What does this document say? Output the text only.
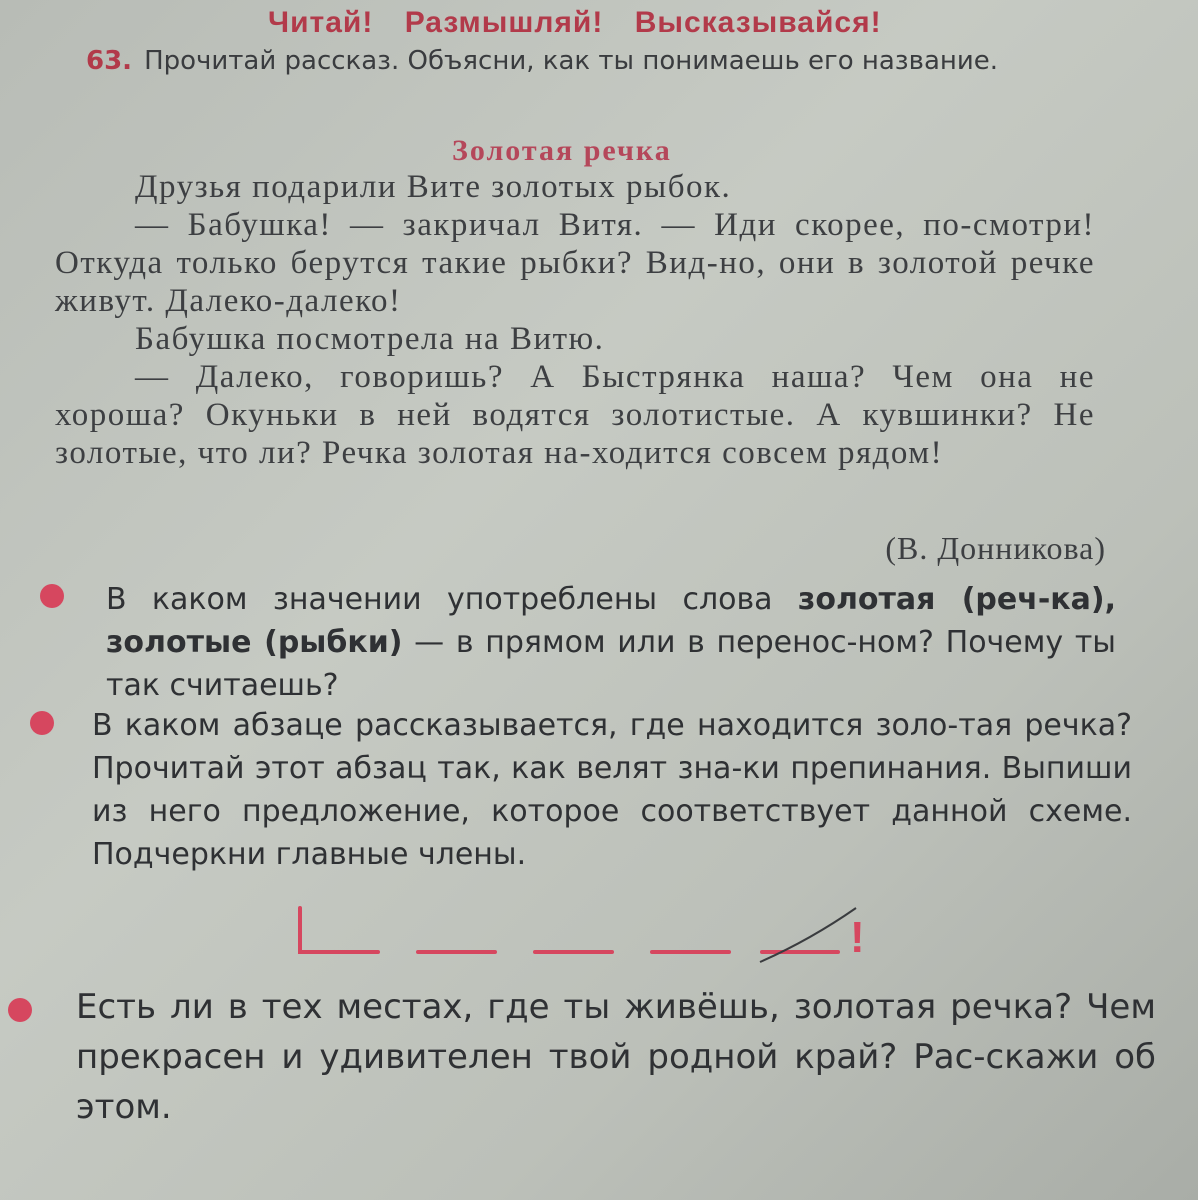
Читай! Размышляй! Высказывайся!
63. Прочитай рассказ. Объясни, как ты понимаешь его название.
Золотая речка

Друзья подарили Вите золотых рыбок.

— Бабушка! — закричал Витя. — Иди скорее, по-смотри! Откуда только берутся такие рыбки? Вид-но, они в золотой речке живут. Далеко-далеко!

Бабушка посмотрела на Витю.

— Далеко, говоришь? А Быстрянка наша? Чем она не хороша? Окуньки в ней водятся золотистые. А кувшинки? Не золотые, что ли? Речка золотая на-ходится совсем рядом!

(В. Донникова)
В каком значении употреблены слова золотая (реч-ка), золотые (рыбки) — в прямом или в перенос-ном? Почему ты так считаешь?
В каком абзаце рассказывается, где находится золо-тая речка? Прочитай этот абзац так, как велят зна-ки препинания. Выпиши из него предложение, которое соответствует данной схеме. Подчеркни главные члены.
!
Есть ли в тех местах, где ты живёшь, золотая речка? Чем прекрасен и удивителен твой родной край? Рас-скажи об этом.
